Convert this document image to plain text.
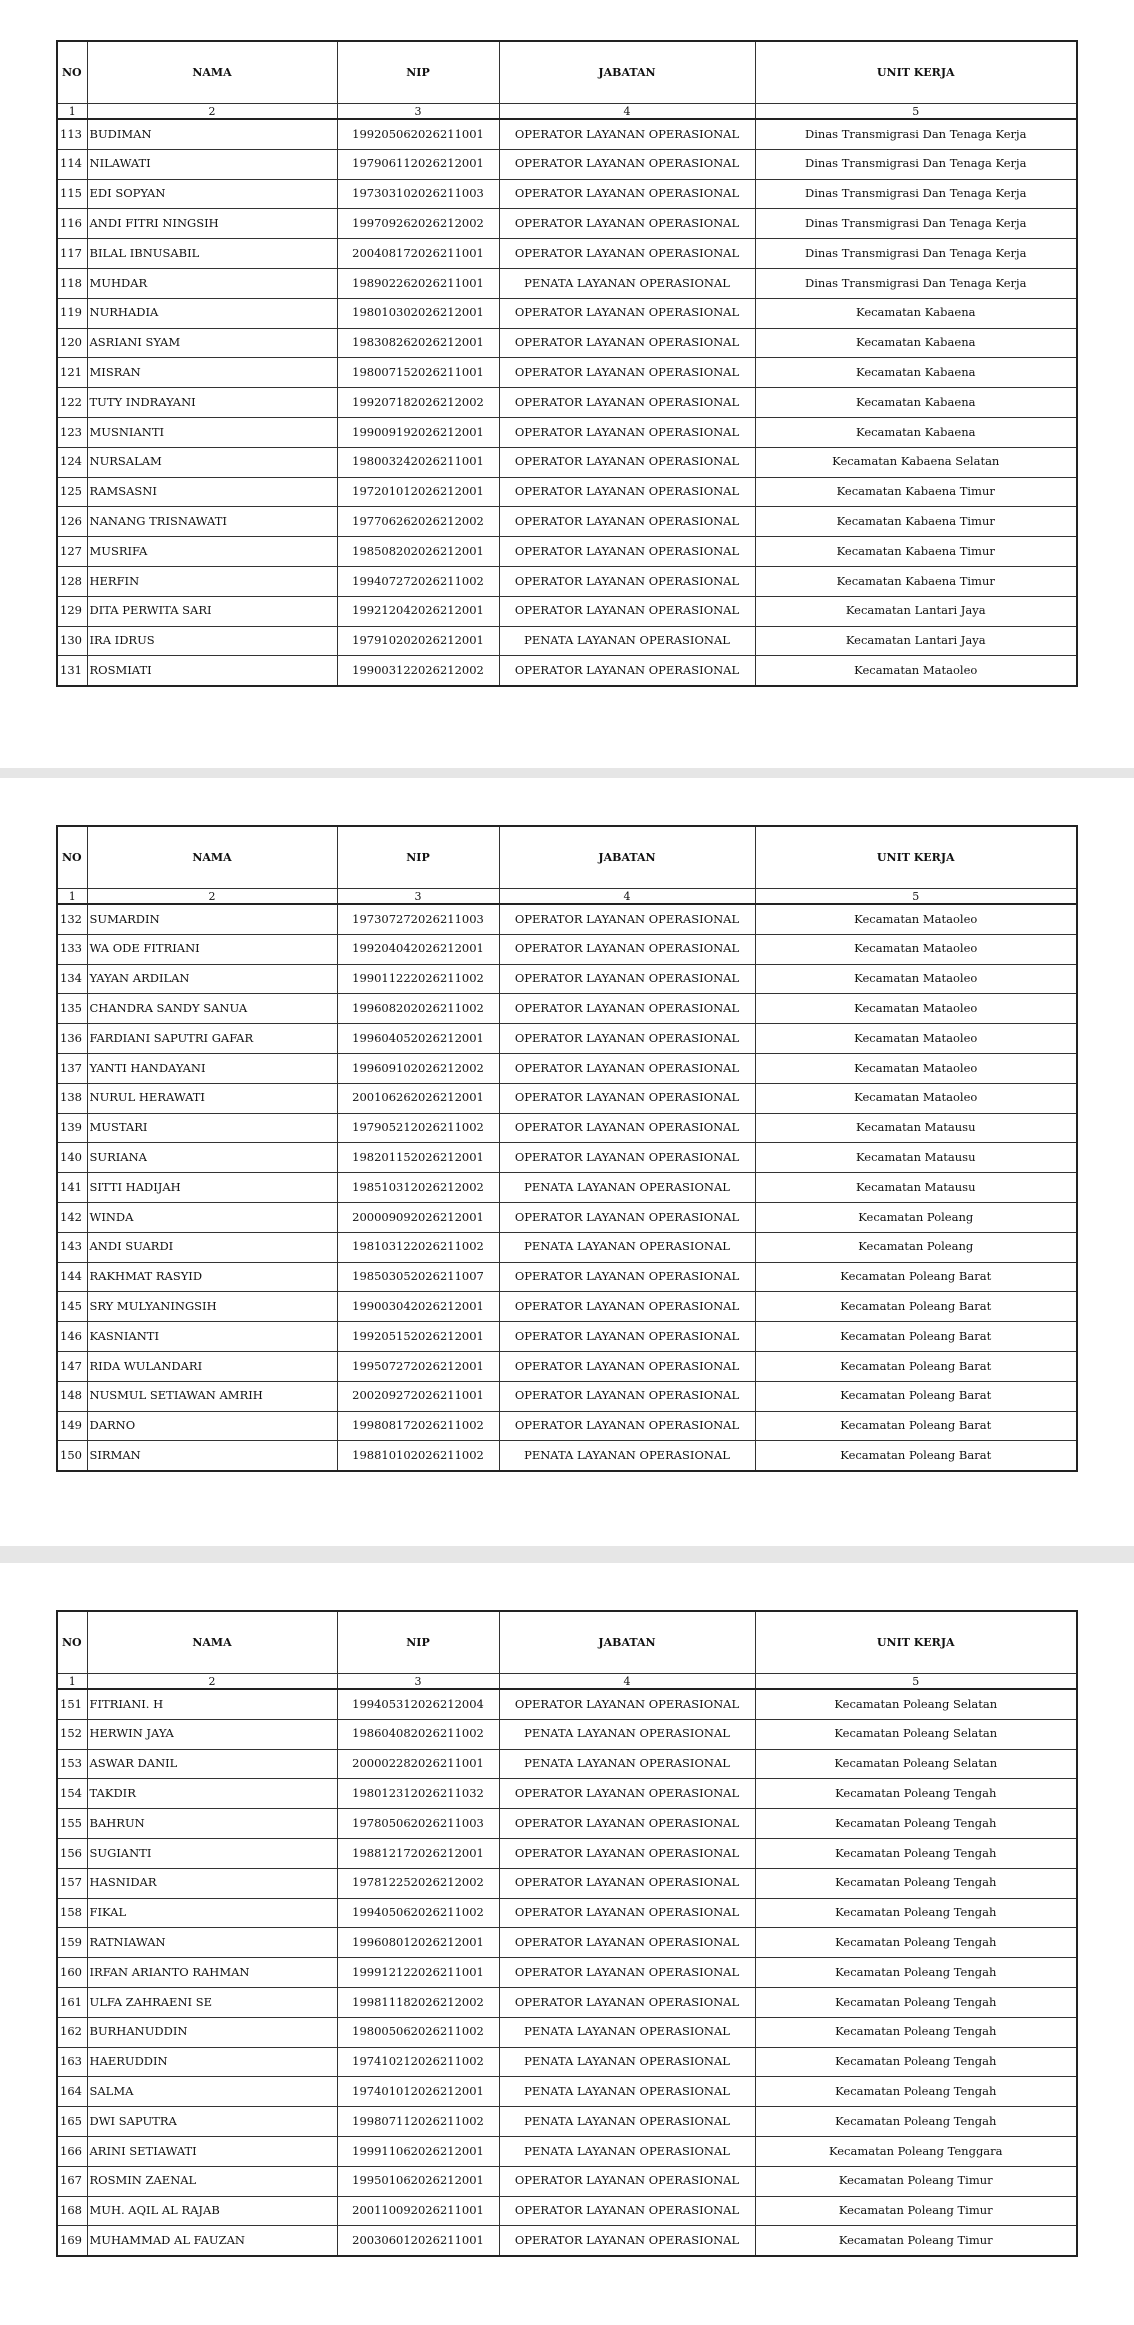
NO	NAMA	NIP	JABATAN	UNIT KERJA
1	2	3	4	5
113	BUDIMAN	199205062026211001	OPERATOR LAYANAN OPERASIONAL	Dinas Transmigrasi Dan Tenaga Kerja
114	NILAWATI	197906112026212001	OPERATOR LAYANAN OPERASIONAL	Dinas Transmigrasi Dan Tenaga Kerja
115	EDI SOPYAN	197303102026211003	OPERATOR LAYANAN OPERASIONAL	Dinas Transmigrasi Dan Tenaga Kerja
116	ANDI FITRI NINGSIH	199709262026212002	OPERATOR LAYANAN OPERASIONAL	Dinas Transmigrasi Dan Tenaga Kerja
117	BILAL IBNUSABIL	200408172026211001	OPERATOR LAYANAN OPERASIONAL	Dinas Transmigrasi Dan Tenaga Kerja
118	MUHDAR	198902262026211001	PENATA LAYANAN OPERASIONAL	Dinas Transmigrasi Dan Tenaga Kerja
119	NURHADIA	198010302026212001	OPERATOR LAYANAN OPERASIONAL	Kecamatan Kabaena
120	ASRIANI SYAM	198308262026212001	OPERATOR LAYANAN OPERASIONAL	Kecamatan Kabaena
121	MISRAN	198007152026211001	OPERATOR LAYANAN OPERASIONAL	Kecamatan Kabaena
122	TUTY INDRAYANI	199207182026212002	OPERATOR LAYANAN OPERASIONAL	Kecamatan Kabaena
123	MUSNIANTI	199009192026212001	OPERATOR LAYANAN OPERASIONAL	Kecamatan Kabaena
124	NURSALAM	198003242026211001	OPERATOR LAYANAN OPERASIONAL	Kecamatan Kabaena Selatan
125	RAMSASNI	197201012026212001	OPERATOR LAYANAN OPERASIONAL	Kecamatan Kabaena Timur
126	NANANG TRISNAWATI	197706262026212002	OPERATOR LAYANAN OPERASIONAL	Kecamatan Kabaena Timur
127	MUSRIFA	198508202026212001	OPERATOR LAYANAN OPERASIONAL	Kecamatan Kabaena Timur
128	HERFIN	199407272026211002	OPERATOR LAYANAN OPERASIONAL	Kecamatan Kabaena Timur
129	DITA PERWITA SARI	199212042026212001	OPERATOR LAYANAN OPERASIONAL	Kecamatan Lantari Jaya
130	IRA IDRUS	197910202026212001	PENATA LAYANAN OPERASIONAL	Kecamatan Lantari Jaya
131	ROSMIATI	199003122026212002	OPERATOR LAYANAN OPERASIONAL	Kecamatan Mataoleo
NO	NAMA	NIP	JABATAN	UNIT KERJA
1	2	3	4	5
132	SUMARDIN	197307272026211003	OPERATOR LAYANAN OPERASIONAL	Kecamatan Mataoleo
133	WA ODE FITRIANI	199204042026212001	OPERATOR LAYANAN OPERASIONAL	Kecamatan Mataoleo
134	YAYAN ARDILAN	199011222026211002	OPERATOR LAYANAN OPERASIONAL	Kecamatan Mataoleo
135	CHANDRA SANDY SANUA	199608202026211002	OPERATOR LAYANAN OPERASIONAL	Kecamatan Mataoleo
136	FARDIANI SAPUTRI GAFAR	199604052026212001	OPERATOR LAYANAN OPERASIONAL	Kecamatan Mataoleo
137	YANTI HANDAYANI	199609102026212002	OPERATOR LAYANAN OPERASIONAL	Kecamatan Mataoleo
138	NURUL HERAWATI	200106262026212001	OPERATOR LAYANAN OPERASIONAL	Kecamatan Mataoleo
139	MUSTARI	197905212026211002	OPERATOR LAYANAN OPERASIONAL	Kecamatan Matausu
140	SURIANA	198201152026212001	OPERATOR LAYANAN OPERASIONAL	Kecamatan Matausu
141	SITTI HADIJAH	198510312026212002	PENATA LAYANAN OPERASIONAL	Kecamatan Matausu
142	WINDA	200009092026212001	OPERATOR LAYANAN OPERASIONAL	Kecamatan Poleang
143	ANDI SUARDI	198103122026211002	PENATA LAYANAN OPERASIONAL	Kecamatan Poleang
144	RAKHMAT RASYID	198503052026211007	OPERATOR LAYANAN OPERASIONAL	Kecamatan Poleang Barat
145	SRY MULYANINGSIH	199003042026212001	OPERATOR LAYANAN OPERASIONAL	Kecamatan Poleang Barat
146	KASNIANTI	199205152026212001	OPERATOR LAYANAN OPERASIONAL	Kecamatan Poleang Barat
147	RIDA WULANDARI	199507272026212001	OPERATOR LAYANAN OPERASIONAL	Kecamatan Poleang Barat
148	NUSMUL SETIAWAN AMRIH	200209272026211001	OPERATOR LAYANAN OPERASIONAL	Kecamatan Poleang Barat
149	DARNO	199808172026211002	OPERATOR LAYANAN OPERASIONAL	Kecamatan Poleang Barat
150	SIRMAN	198810102026211002	PENATA LAYANAN OPERASIONAL	Kecamatan Poleang Barat
NO	NAMA	NIP	JABATAN	UNIT KERJA
1	2	3	4	5
151	FITRIANI. H	199405312026212004	OPERATOR LAYANAN OPERASIONAL	Kecamatan Poleang Selatan
152	HERWIN JAYA	198604082026211002	PENATA LAYANAN OPERASIONAL	Kecamatan Poleang Selatan
153	ASWAR DANIL	200002282026211001	PENATA LAYANAN OPERASIONAL	Kecamatan Poleang Selatan
154	TAKDIR	198012312026211032	OPERATOR LAYANAN OPERASIONAL	Kecamatan Poleang Tengah
155	BAHRUN	197805062026211003	OPERATOR LAYANAN OPERASIONAL	Kecamatan Poleang Tengah
156	SUGIANTI	198812172026212001	OPERATOR LAYANAN OPERASIONAL	Kecamatan Poleang Tengah
157	HASNIDAR	197812252026212002	OPERATOR LAYANAN OPERASIONAL	Kecamatan Poleang Tengah
158	FIKAL	199405062026211002	OPERATOR LAYANAN OPERASIONAL	Kecamatan Poleang Tengah
159	RATNIAWAN	199608012026212001	OPERATOR LAYANAN OPERASIONAL	Kecamatan Poleang Tengah
160	IRFAN ARIANTO RAHMAN	199912122026211001	OPERATOR LAYANAN OPERASIONAL	Kecamatan Poleang Tengah
161	ULFA ZAHRAENI SE	199811182026212002	OPERATOR LAYANAN OPERASIONAL	Kecamatan Poleang Tengah
162	BURHANUDDIN	198005062026211002	PENATA LAYANAN OPERASIONAL	Kecamatan Poleang Tengah
163	HAERUDDIN	197410212026211002	PENATA LAYANAN OPERASIONAL	Kecamatan Poleang Tengah
164	SALMA	197401012026212001	PENATA LAYANAN OPERASIONAL	Kecamatan Poleang Tengah
165	DWI SAPUTRA	199807112026211002	PENATA LAYANAN OPERASIONAL	Kecamatan Poleang Tengah
166	ARINI SETIAWATI	199911062026212001	PENATA LAYANAN OPERASIONAL	Kecamatan Poleang Tenggara
167	ROSMIN ZAENAL	199501062026212001	OPERATOR LAYANAN OPERASIONAL	Kecamatan Poleang Timur
168	MUH. AQIL AL RAJAB	200110092026211001	OPERATOR LAYANAN OPERASIONAL	Kecamatan Poleang Timur
169	MUHAMMAD AL FAUZAN	200306012026211001	OPERATOR LAYANAN OPERASIONAL	Kecamatan Poleang Timur
